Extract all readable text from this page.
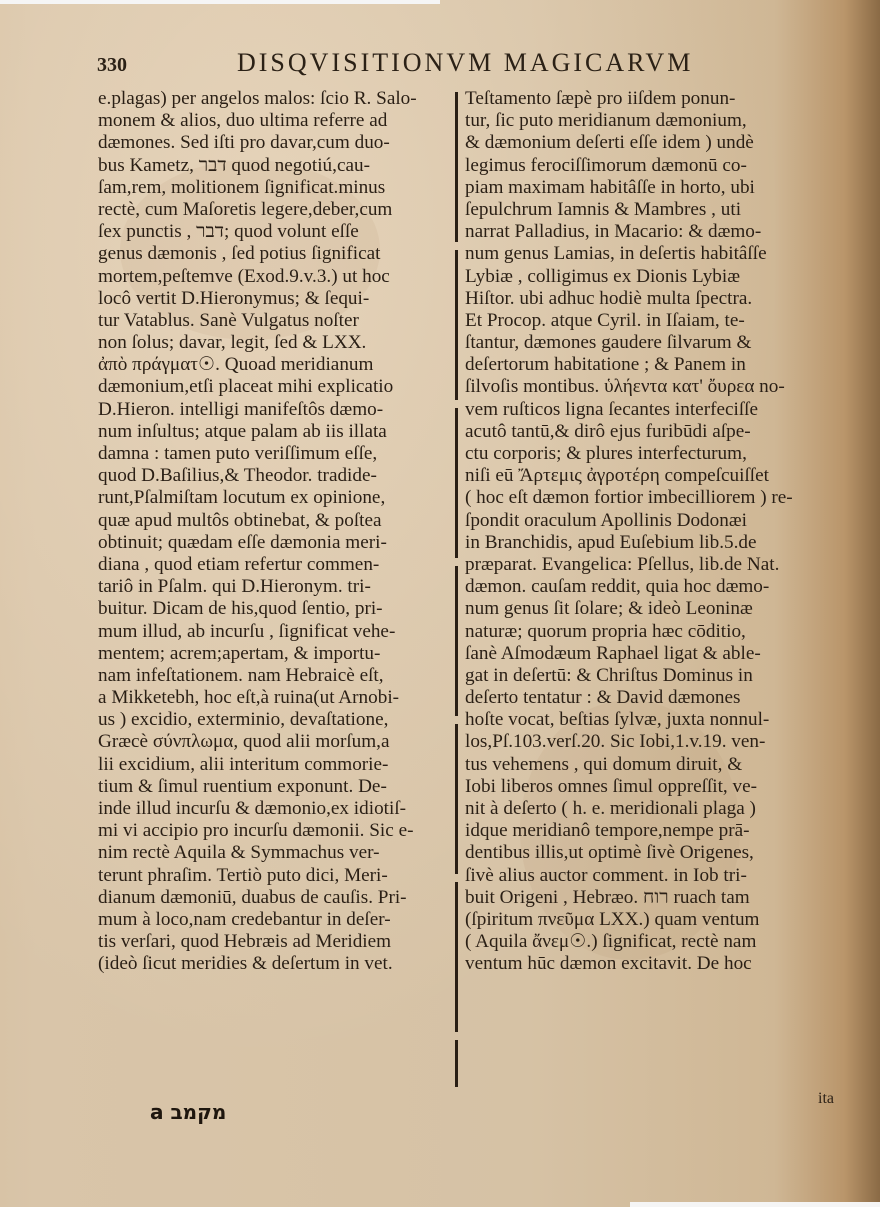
330	DISQVISITIONVM MAGICARVM
e.plagas) per angelos malos: ſcio R. Salo-
monem & alios, duo ultima referre ad
dæmones. Sed iſti pro davar,cum duo-
bus Kametz, דבר quod negotiú,cau-
ſam,rem, molitionem ſignificat.minus
rectè, cum Maſoretis legere,deber,cum
ſex punctis , דבר; quod volunt eſſe
genus dæmonis , ſed potius ſignificat
mortem,peſtemve (Exod.9.v.3.) ut hoc
locô vertit D.Hieronymus; & ſequi-
tur Vatablus. Sanè Vulgatus noſter
non ſolus; davar, legit, ſed & LXX.
ἀπὸ πράγματ☉. Quoad meridianum
dæmonium,etſi placeat mihi explicatio
D.Hieron. intelligi manifeſtôs dæmo-
num inſultus; atque palam ab iis illata
damna : tamen puto veriſſimum eſſe,
quod D.Baſilius,& Theodor. tradide-
runt,Pſalmiſtam locutum ex opinione,
quæ apud multôs obtinebat, & poſtea
obtinuit; quædam eſſe dæmonia meri-
diana , quod etiam refertur commen-
tariô in Pſalm. qui D.Hieronym. tri-
buitur. Dicam de his,quod ſentio, pri-
mum illud, ab incurſu , ſignificat vehe-
mentem; acrem;apertam, & importu-
nam infeſtationem. nam Hebraicè eſt,
a Mikketebh, hoc eſt,à ruina(ut Arnobi-
us ) excidio, exterminio, devaſtatione,
Græcè σύνπλωμα, quod alii morſum,a
lii excidium, alii interitum commorie-
tium & ſimul ruentium exponunt. De-
inde illud incurſu & dæmonio,ex idiotiſ-
mi vi accipio pro incurſu dæmonii. Sic e-
nim rectè Aquila & Symmachus ver-
terunt phraſim. Tertiò puto dici, Meri-
dianum dæmoniū, duabus de cauſis. Pri-
mum à loco,nam credebantur in deſer-
tis verſari, quod Hebræis ad Meridiem
(ideò ſicut meridies & deſertum in vet.
Teſtamento ſæpè pro iiſdem ponun-
tur, ſic puto meridianum dæmonium,
& dæmonium deſerti eſſe idem ) undè
legimus ferociſſimorum dæmonū co-
piam maximam habitâſſe in horto, ubi
ſepulchrum Iamnis & Mambres , uti
narrat Palladius, in Macario: & dæmo-
num genus Lamias, in deſertis habitâſſe
Lybiæ , colligimus ex Dionis Lybiæ
Hiſtor. ubi adhuc hodiè multa ſpectra.
Et Procop. atque Cyril. in Iſaiam, te-
ſtantur, dæmones gaudere ſilvarum &
deſertorum habitatione ; & Panem in
ſilvoſis montibus. ὑλήεντα κατ' ὄυρεα no-
vem ruſticos ligna ſecantes interfeciſſe
acutô tantū,& dirô ejus furibūdi aſpe-
ctu corporis; & plures interfecturum,
niſi eū Ἄρτεμις ἀγροτέρη compeſcuiſſet
( hoc eſt dæmon fortior imbecilliorem ) re-
ſpondit oraculum Apollinis Dodonæi
in Branchidis, apud Euſebium lib.5.de
præparat. Evangelica: Pſellus, lib.de Nat.
dæmon. cauſam reddit, quia hoc dæmo-
num genus ſit ſolare; & ideò Leoninæ
naturæ; quorum propria hæc cōditio,
ſanè Aſmodæum Raphael ligat & able-
gat in deſertū: & Chriſtus Dominus in
deſerto tentatur : & David dæmones
hoſte vocat, beſtias ſylvæ, juxta nonnul-
los,Pſ.103.verſ.20. Sic Iobi,1.v.19. ven-
tus vehemens , qui domum diruit, &
Iobi liberos omnes ſimul oppreſſit, ve-
nit à deſerto ( h. e. meridionali plaga )
idque meridianô tempore,nempe prā-
dentibus illis,ut optimè ſivè Origenes,
ſivè alius auctor comment. in Iob tri-
buit Origeni , Hebræo. רוח ruach tam
(ſpiritum πνεῦμα LXX.) quam ventum
( Aquila ἄνεμ☉.) ſignificat, rectè nam
ventum hūc dæmon excitavit. De hoc
ita
a מקמב
